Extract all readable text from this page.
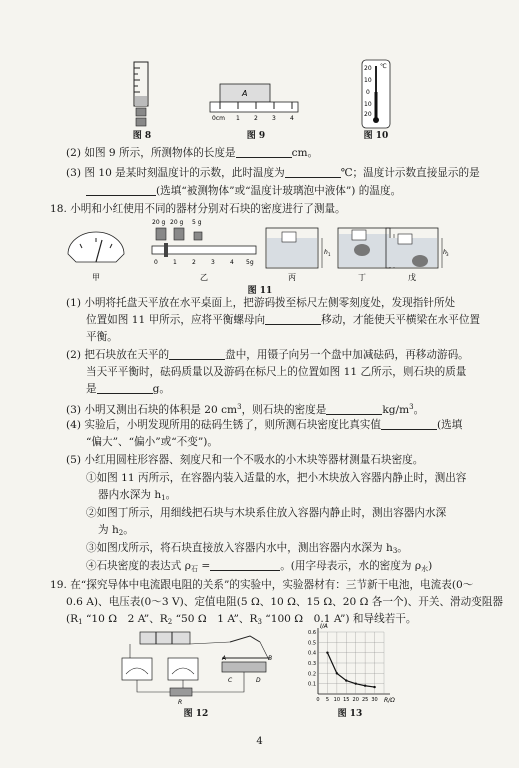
图 8
A
0cm 1 2 3 4
图 9
20 ℃
10
0
10
20
图 10
(2) 如图 9 所示，所测物体的长度是	cm。
(3) 图 10 是某时刻温度计的示数，此时温度为	℃；温度计示数直接显示的是
(选填“被测物体”或“温度计玻璃泡中液体”) 的温度。
18. 小明和小红使用不同的器材分别对石块的密度进行了测量。
甲
20 g 20 g 5 g
0	1	2	3	4 5g
乙
h 1
丙	丁
h 3
戊
图 11
(1) 小明将托盘天平放在水平桌面上，把游码拨至标尺左侧零刻度处，发现指针所处
位置如图 11 甲所示，应将平衡螺母向	移动，才能使天平横梁在水平位置
平衡。
(2) 把石块放在天平的	盘中，用镊子向另一个盘中加减砝码，再移动游码。
当天平平衡时，砝码质量以及游码在标尺上的位置如图 11 乙所示，则石块的质量
是	g。
(3) 小明又测出石块的体积是 20 $cm^3$，则石块的密度是	$kg/m^3$。
(4) 实验后，小明发现所用的砝码生锈了，则所测石块密度比真实值	(选填
“偏大”、“偏小”或“不变”)。
(5) 小红用圆柱形容器、刻度尺和一个不吸水的小木块等器材测量石块密度。
①如图 11 丙所示，在容器内装入适量的水，把小木块放入容器内静止时，测出容
器内水深为 $h_1$。
②如图丁所示，用细线把石块与木块系住放入容器内静止时，测出容器内水深
为 $h_2$。
③如图戊所示，将石块直接放入容器内水中，测出容器内水深为 $h_3$。
④石块密度的表达式 $\rho_石$ =	。(用字母表示，水的密度为 $\rho_水$)
19. 在“探究导体中电流跟电阻的关系”的实验中，实验器材有：三节新干电池，电流表(0～
0.6 A)、电压表(0～3 V)、定值电阻(5 Ω、10 Ω、15 Ω、20 Ω 各一个)、开关、滑动变阻器
($R_1$ “10 Ω　2 A”、$R_2$ “50 Ω　1 A”、$R_3$ “100 Ω　0.1 A”) 和导线若干。
A	B
C	D
R
图 12
I/A
R/Ω
0.6
0.5
0.4
0.3
0.2
0.1
0 5 10 15 20 25 30
图 13
4
